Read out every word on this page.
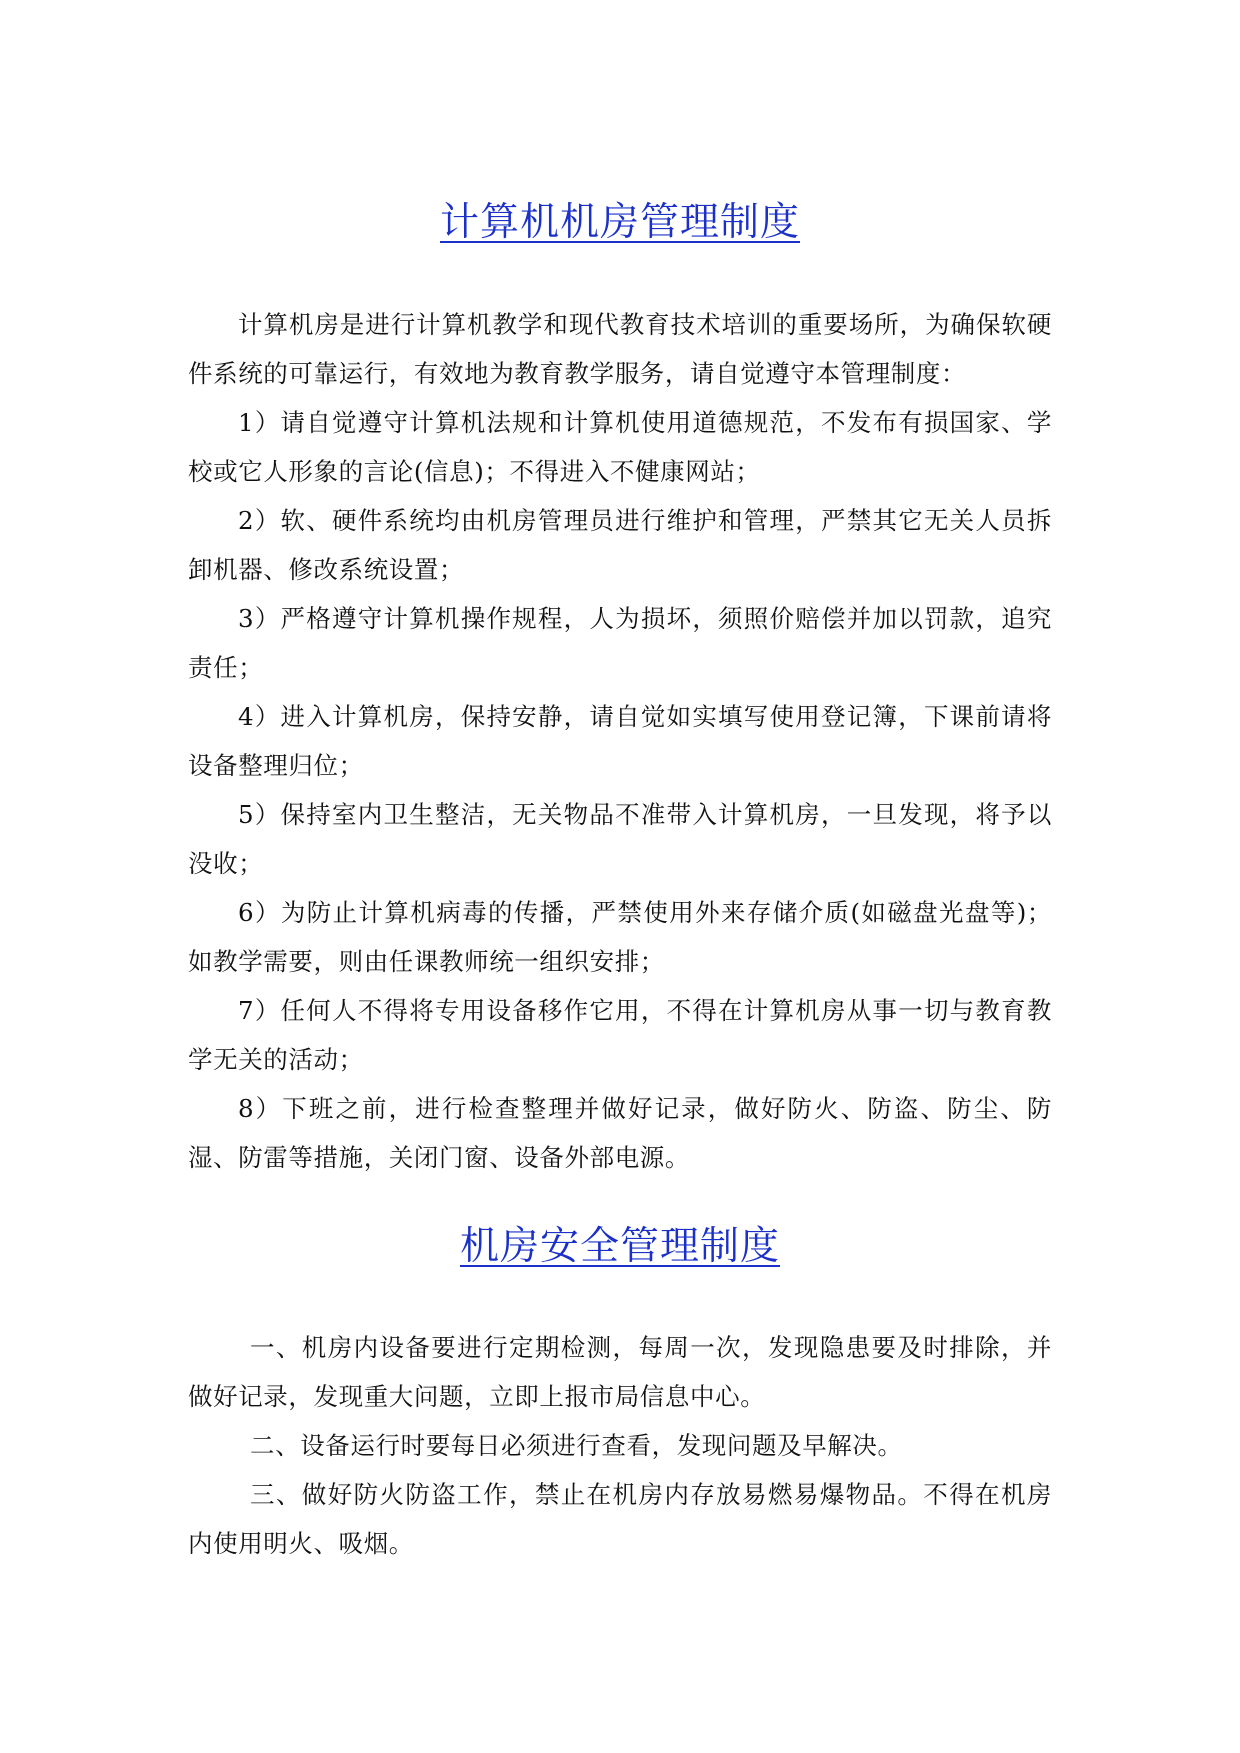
计算机机房管理制度

计算机房是进行计算机教学和现代教育技术培训的重要场所，为确保软硬件系统的可靠运行，有效地为教育教学服务，请自觉遵守本管理制度：

1）请自觉遵守计算机法规和计算机使用道德规范，不发布有损国家、学校或它人形象的言论(信息)；不得进入不健康网站；

2）软、硬件系统均由机房管理员进行维护和管理，严禁其它无关人员拆卸机器、修改系统设置；

3）严格遵守计算机操作规程，人为损坏，须照价赔偿并加以罚款，追究责任；

4）进入计算机房，保持安静，请自觉如实填写使用登记簿，下课前请将设备整理归位；

5）保持室内卫生整洁，无关物品不准带入计算机房，一旦发现，将予以没收；

6）为防止计算机病毒的传播，严禁使用外来存储介质(如磁盘光盘等)；如教学需要，则由任课教师统一组织安排；

7）任何人不得将专用设备移作它用，不得在计算机房从事一切与教育教学无关的活动；

8）下班之前，进行检查整理并做好记录，做好防火、防盗、防尘、防湿、防雷等措施，关闭门窗、设备外部电源。

机房安全管理制度

一、机房内设备要进行定期检测，每周一次，发现隐患要及时排除，并做好记录，发现重大问题，立即上报市局信息中心。

二、设备运行时要每日必须进行查看，发现问题及早解决。

三、做好防火防盗工作，禁止在机房内存放易燃易爆物品。不得在机房内使用明火、吸烟。
